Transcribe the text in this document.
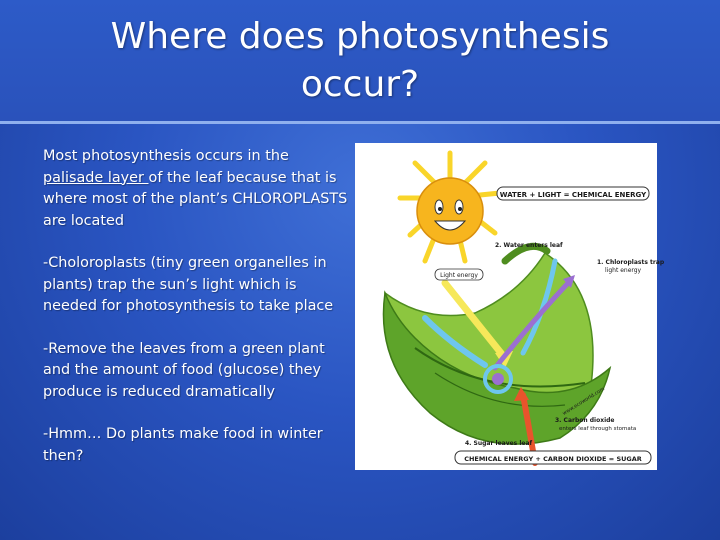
Where does photosynthesis
occur?

Most photosynthesis occurs in the palisade layer of the leaf because that is where most of the plant’s CHLOROPLASTS are located

-Choloroplasts (tiny green organelles in plants) trap the sun’s light which is needed for photosynthesis to take place

-Remove the leaves from a green plant and the amount of food (glucose) they produce is reduced dramatically

-Hmm… Do plants make food in winter then?

WATER + LIGHT = CHEMICAL ENERGY
2. Water enters leaf
Light energy
1. Chloroplasts trap
light energy
www.ecoworld.com
3. Carbon dioxide
enters leaf through stomata
4. Sugar leaves leaf
CHEMICAL ENERGY + CARBON DIOXIDE = SUGAR
